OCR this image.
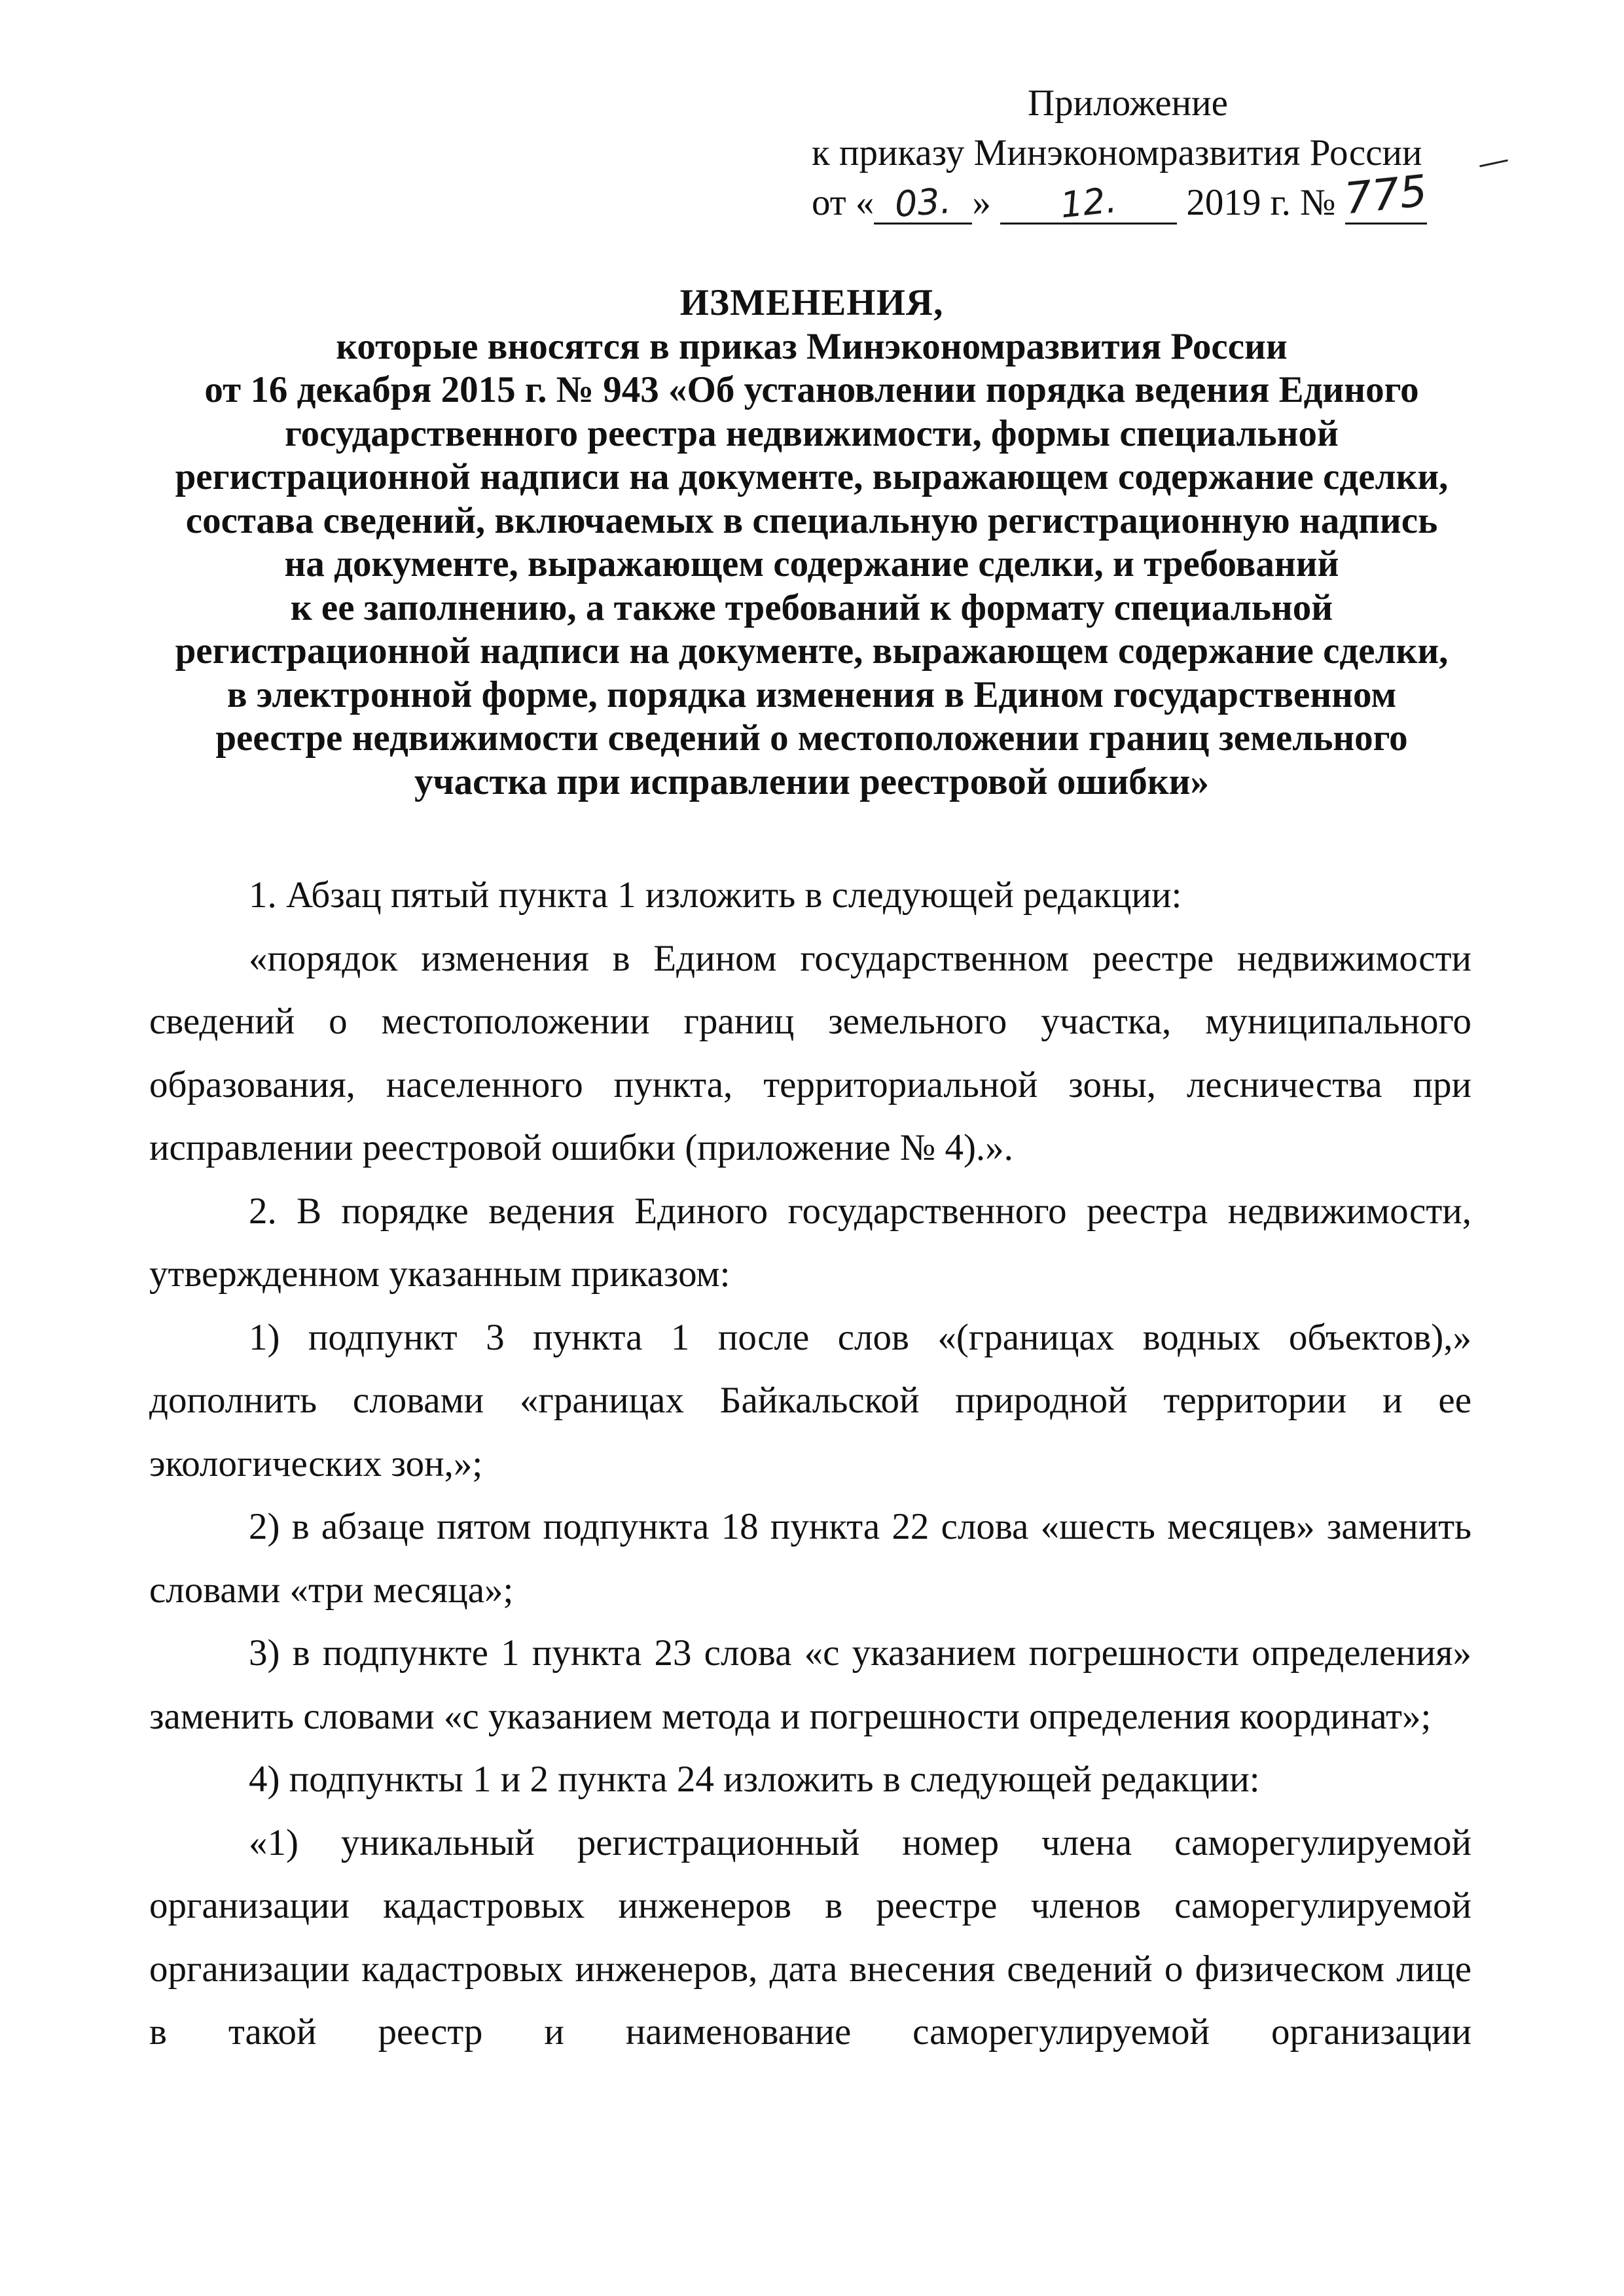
Приложение
к приказу Минэкономразвития России
от « 03. » 12. 2019 г. № 775
ИЗМЕНЕНИЯ,
которые вносятся в приказ Минэкономразвития России
от 16 декабря 2015 г. № 943 «Об установлении порядка ведения Единого
государственного реестра недвижимости, формы специальной
регистрационной надписи на документе, выражающем содержание сделки,
состава сведений, включаемых в специальную регистрационную надпись
на документе, выражающем содержание сделки, и требований
к ее заполнению, а также требований к формату специальной
регистрационной надписи на документе, выражающем содержание сделки,
в электронной форме, порядка изменения в Едином государственном
реестре недвижимости сведений о местоположении границ земельного
участка при исправлении реестровой ошибки»

1. Абзац пятый пункта 1 изложить в следующей редакции:

«порядок изменения в Едином государственном реестре недвижимости сведений о местоположении границ земельного участка, муниципального образования, населенного пункта, территориальной зоны, лесничества при исправлении реестровой ошибки (приложение № 4).».

2. В порядке ведения Единого государственного реестра недвижимости, утвержденном указанным приказом:

1) подпункт 3 пункта 1 после слов «(границах водных объектов),» дополнить словами «границах Байкальской природной территории и ее экологических зон,»;

2) в абзаце пятом подпункта 18 пункта 22 слова «шесть месяцев» заменить словами «три месяца»;

3) в подпункте 1 пункта 23 слова «с указанием погрешности определения» заменить словами «с указанием метода и погрешности определения координат»;

4) подпункты 1 и 2 пункта 24 изложить в следующей редакции:

«1) уникальный регистрационный номер члена саморегулируемой организации кадастровых инженеров в реестре членов саморегулируемой организации кадастровых инженеров, дата внесения сведений о физическом лице в такой реестр и наименование саморегулируемой организации
